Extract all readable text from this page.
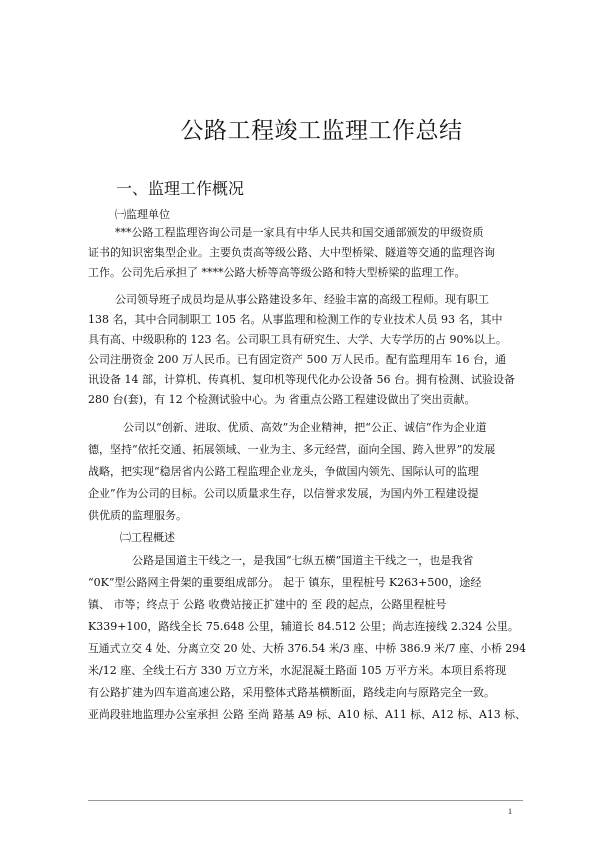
公路工程竣工监理工作总结
一、监理工作概况
㈠监理单位
***公路工程监理咨询公司是一家具有中华人民共和国交通部颁发的甲级资质
证书的知识密集型企业。主要负责高等级公路、大中型桥梁、隧道等交通的监理咨询
工作。公司先后承担了 ****公路大桥等高等级公路和特大型桥梁的监理工作。
公司领导班子成员均是从事公路建设多年、经验丰富的高级工程师。现有职工
138 名，其中合同制职工 105 名。从事监理和检测工作的专业技术人员 93 名，其中
具有高、中级职称的 123 名。公司职工具有研究生、大学、大专学历的占 90%以上。
公司注册资金 200 万人民币。已有固定资产 500 万人民币。配有监理用车 16 台，通
讯设备 14 部，计算机、传真机、复印机等现代化办公设备 56 台。拥有检测、试验设备
280 台(套)，有 12 个检测试验中心。为 省重点公路工程建设做出了突出贡献。
公司以“创新、进取、优质、高效”为企业精神，把“公正、诚信”作为企业道
德，坚持“依托交通、拓展领域、一业为主、多元经营，面向全国、跨入世界”的发展
战略，把实现“稳居省内公路工程监理企业龙头，争做国内领先、国际认可的监理
企业”作为公司的目标。公司以质量求生存，以信誉求发展，为国内外工程建设提
供优质的监理服务。
㈡工程概述
公路是国道主干线之一，是我国“七纵五横”国道主干线之一，也是我省
“0K”型公路网主骨架的重要组成部分。 起于 镇东，里程桩号 K263+500，途经
镇、 市等；终点于 公路 收费站接正扩建中的 至 段的起点，公路里程桩号
K339+100，路线全长 75.648 公里，辅道长 84.512 公里；尚志连接线 2.324 公里。
互通式立交 4 处、分离立交 20 处、大桥 376.54 米/3 座、中桥 386.9 米/7 座、小桥 294
米/12 座、全线土石方 330 万立方米，水泥混凝土路面 105 万平方米。本项目系将现
有公路扩建为四车道高速公路，采用整体式路基横断面，路线走向与原路完全一致。
亚尚段驻地监理办公室承担 公路 至尚 路基 A9 标、A10 标、A11 标、A12 标、A13 标、
1
